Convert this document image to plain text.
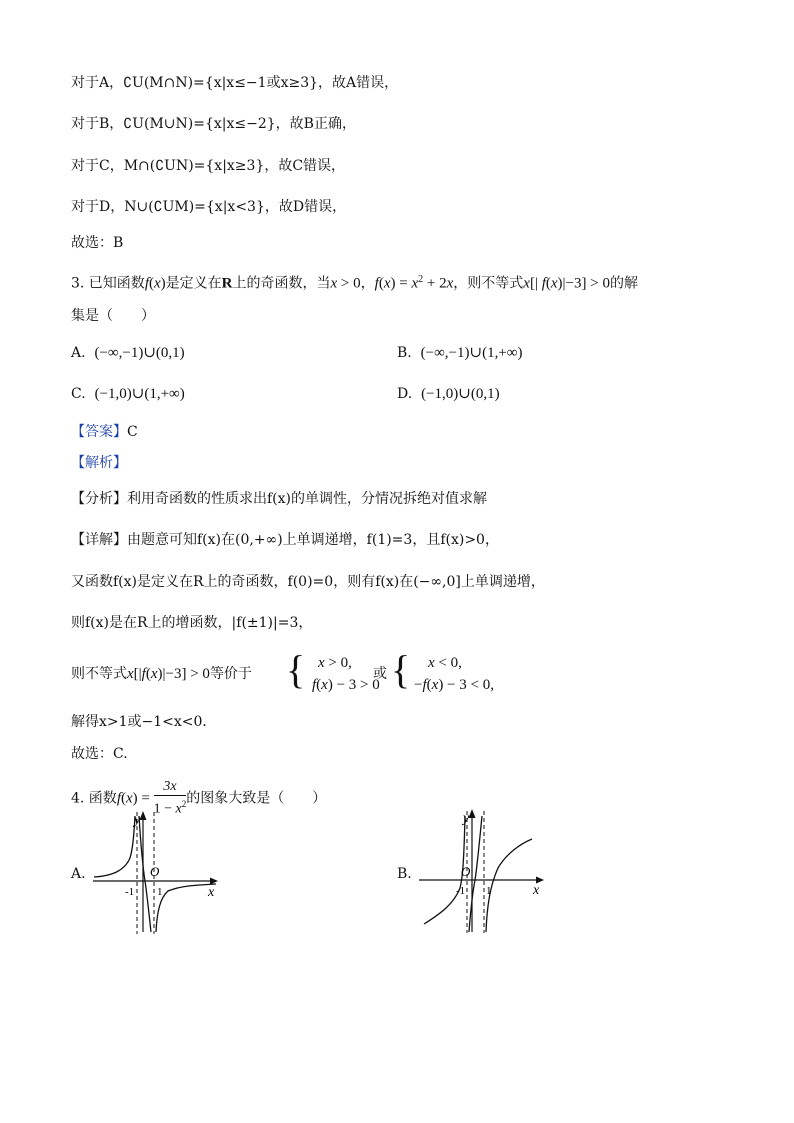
对于A，∁U(M∩N)={x|x≤−1或x≥3}，故A错误，
对于B，∁U(M∪N)={x|x≤−2}，故B正确，
对于C，M∩(∁UN)={x|x≥3}，故C错误，
对于D，N∪(∁UM)={x|x<3}，故D错误，
故选：B
3. 已知函数f(x)是定义在R上的奇函数，当x > 0，$f(x) = x^2 + 2x$，则不等式x[| f(x)|−3] > 0的解
集是（　　）
A. (−∞,−1)∪(0,1)	B. (−∞,−1)∪(1,+∞)
C. (−1,0)∪(1,+∞)	D. (−1,0)∪(0,1)
【答案】C
【解析】
【分析】利用奇函数的性质求出f(x)的单调性，分情况拆绝对值求解
【详解】由题意可知f(x)在(0,+∞)上单调递增，f(1)=3，且f(x)>0，
又函数f(x)是定义在R上的奇函数，f(0)=0，则有f(x)在(−∞,0]上单调递增，
则f(x)是在R上的增函数，|f(±1)|=3，
则不等式x[|f(x)|−3] > 0等价于 { x > 0,
f(x) − 3 > 0
或 {	x < 0,
−f(x) − 3 < 0,
解得x>1或−1<x<0．
故选：C.
4. 函数$f(x) = \frac{3x}{1 - x^2}$ 的图象大致是（　　）
A.
y
x
O
-1 1
B.
y
x
O
-1 1
